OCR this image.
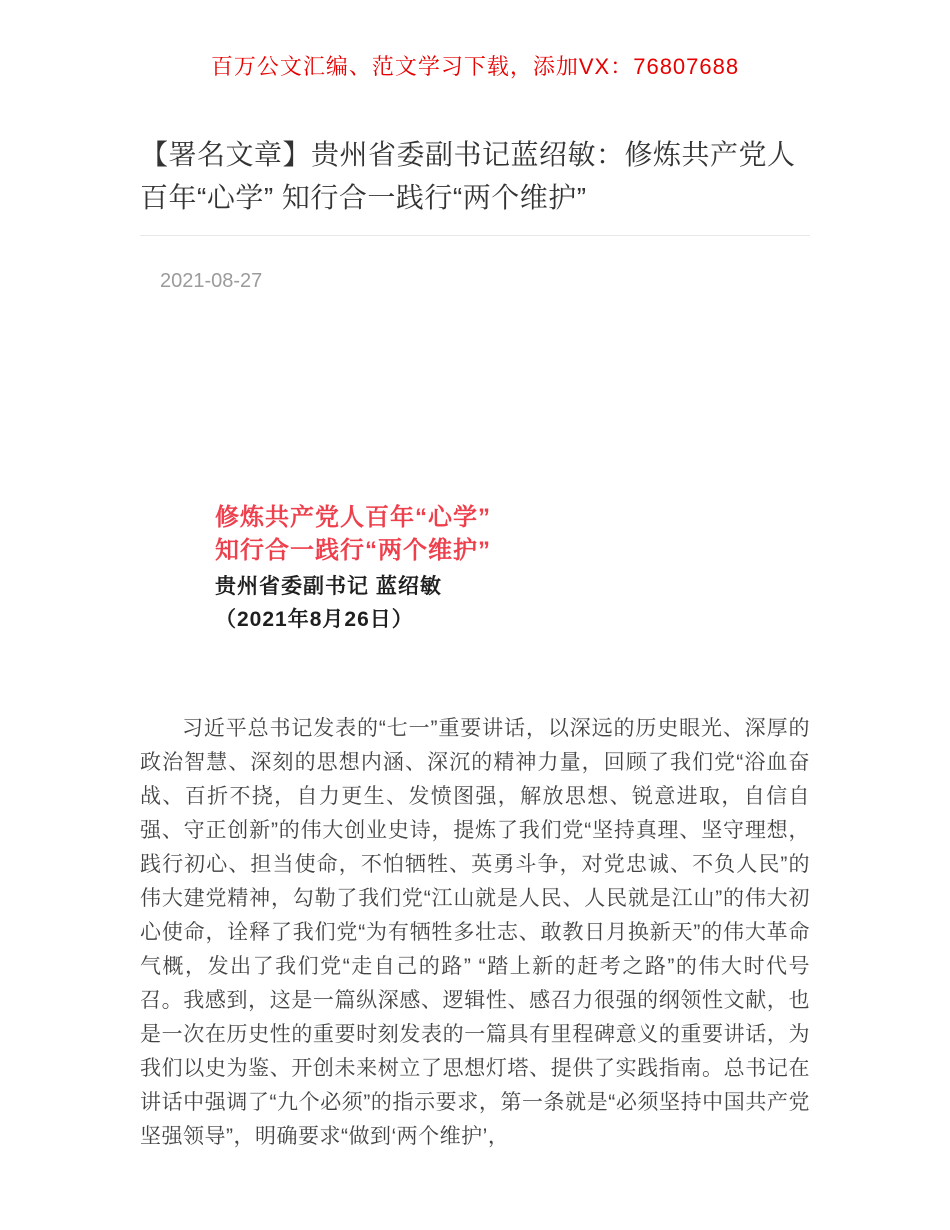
百万公文汇编、范文学习下载，添加VX：76807688
【署名文章】贵州省委副书记蓝绍敏：修炼共产党人百年“心学” 知行合一践行“两个维护”
2021-08-27
修炼共产党人百年“心学”
知行合一践行“两个维护”
贵州省委副书记 蓝绍敏
（2021年8月26日）

习近平总书记发表的“七一”重要讲话，以深远的历史眼光、深厚的政治智慧、深刻的思想内涵、深沉的精神力量，回顾了我们党“浴血奋战、百折不挠，自力更生、发愤图强，解放思想、锐意进取，自信自强、守正创新”的伟大创业史诗，提炼了我们党“坚持真理、坚守理想，践行初心、担当使命，不怕牺牲、英勇斗争，对党忠诚、不负人民”的伟大建党精神，勾勒了我们党“江山就是人民、人民就是江山”的伟大初心使命，诠释了我们党“为有牺牲多壮志、敢教日月换新天”的伟大革命气概，发出了我们党“走自己的路” “踏上新的赶考之路”的伟大时代号召。我感到，这是一篇纵深感、逻辑性、感召力很强的纲领性文献，也是一次在历史性的重要时刻发表的一篇具有里程碑意义的重要讲话，为我们以史为鉴、开创未来树立了思想灯塔、提供了实践指南。总书记在讲话中强调了“九个必须”的指示要求，第一条就是“必须坚持中国共产党坚强领导”，明确要求“做到‘两个维护’，
